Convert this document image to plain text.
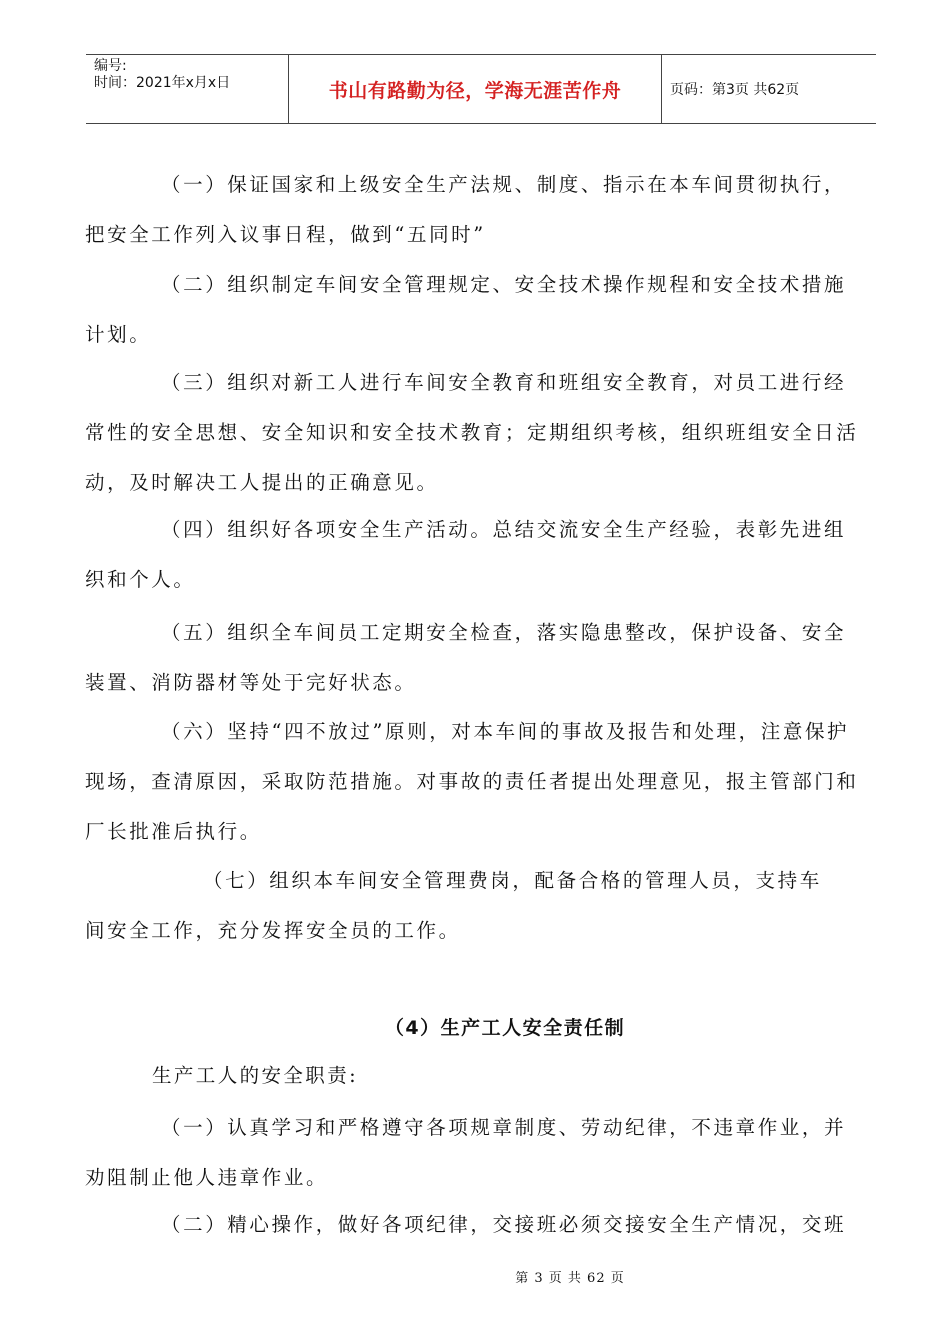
编号:
时间：2021年x月x日	书山有路勤为径，学海无涯苦作舟	页码：第3页 共62页

（一）保证国家和上级安全生产法规、制度、指示在本车间贯彻执行，把安全工作列入议事日程，做到“五同时”

（二）组织制定车间安全管理规定、安全技术操作规程和安全技术措施计划。

（三）组织对新工人进行车间安全教育和班组安全教育，对员工进行经常性的安全思想、安全知识和安全技术教育；定期组织考核，组织班组安全日活动，及时解决工人提出的正确意见。

（四）组织好各项安全生产活动。总结交流安全生产经验，表彰先进组织和个人。

（五）组织全车间员工定期安全检查，落实隐患整改，保护设备、安全装置、消防器材等处于完好状态。

（六）坚持“四不放过”原则，对本车间的事故及报告和处理，注意保护现场，查清原因，采取防范措施。对事故的责任者提出处理意见，报主管部门和厂长批准后执行。

（七）组织本车间安全管理费岗，配备合格的管理人员，支持车间安全工作，充分发挥安全员的工作。

（4）生产工人安全责任制
生产工人的安全职责:

（一）认真学习和严格遵守各项规章制度、劳动纪律，不违章作业，并劝阻制止他人违章作业。

（二）精心操作，做好各项纪律，交接班必须交接安全生产情况，交班

第 3 页 共 62 页
